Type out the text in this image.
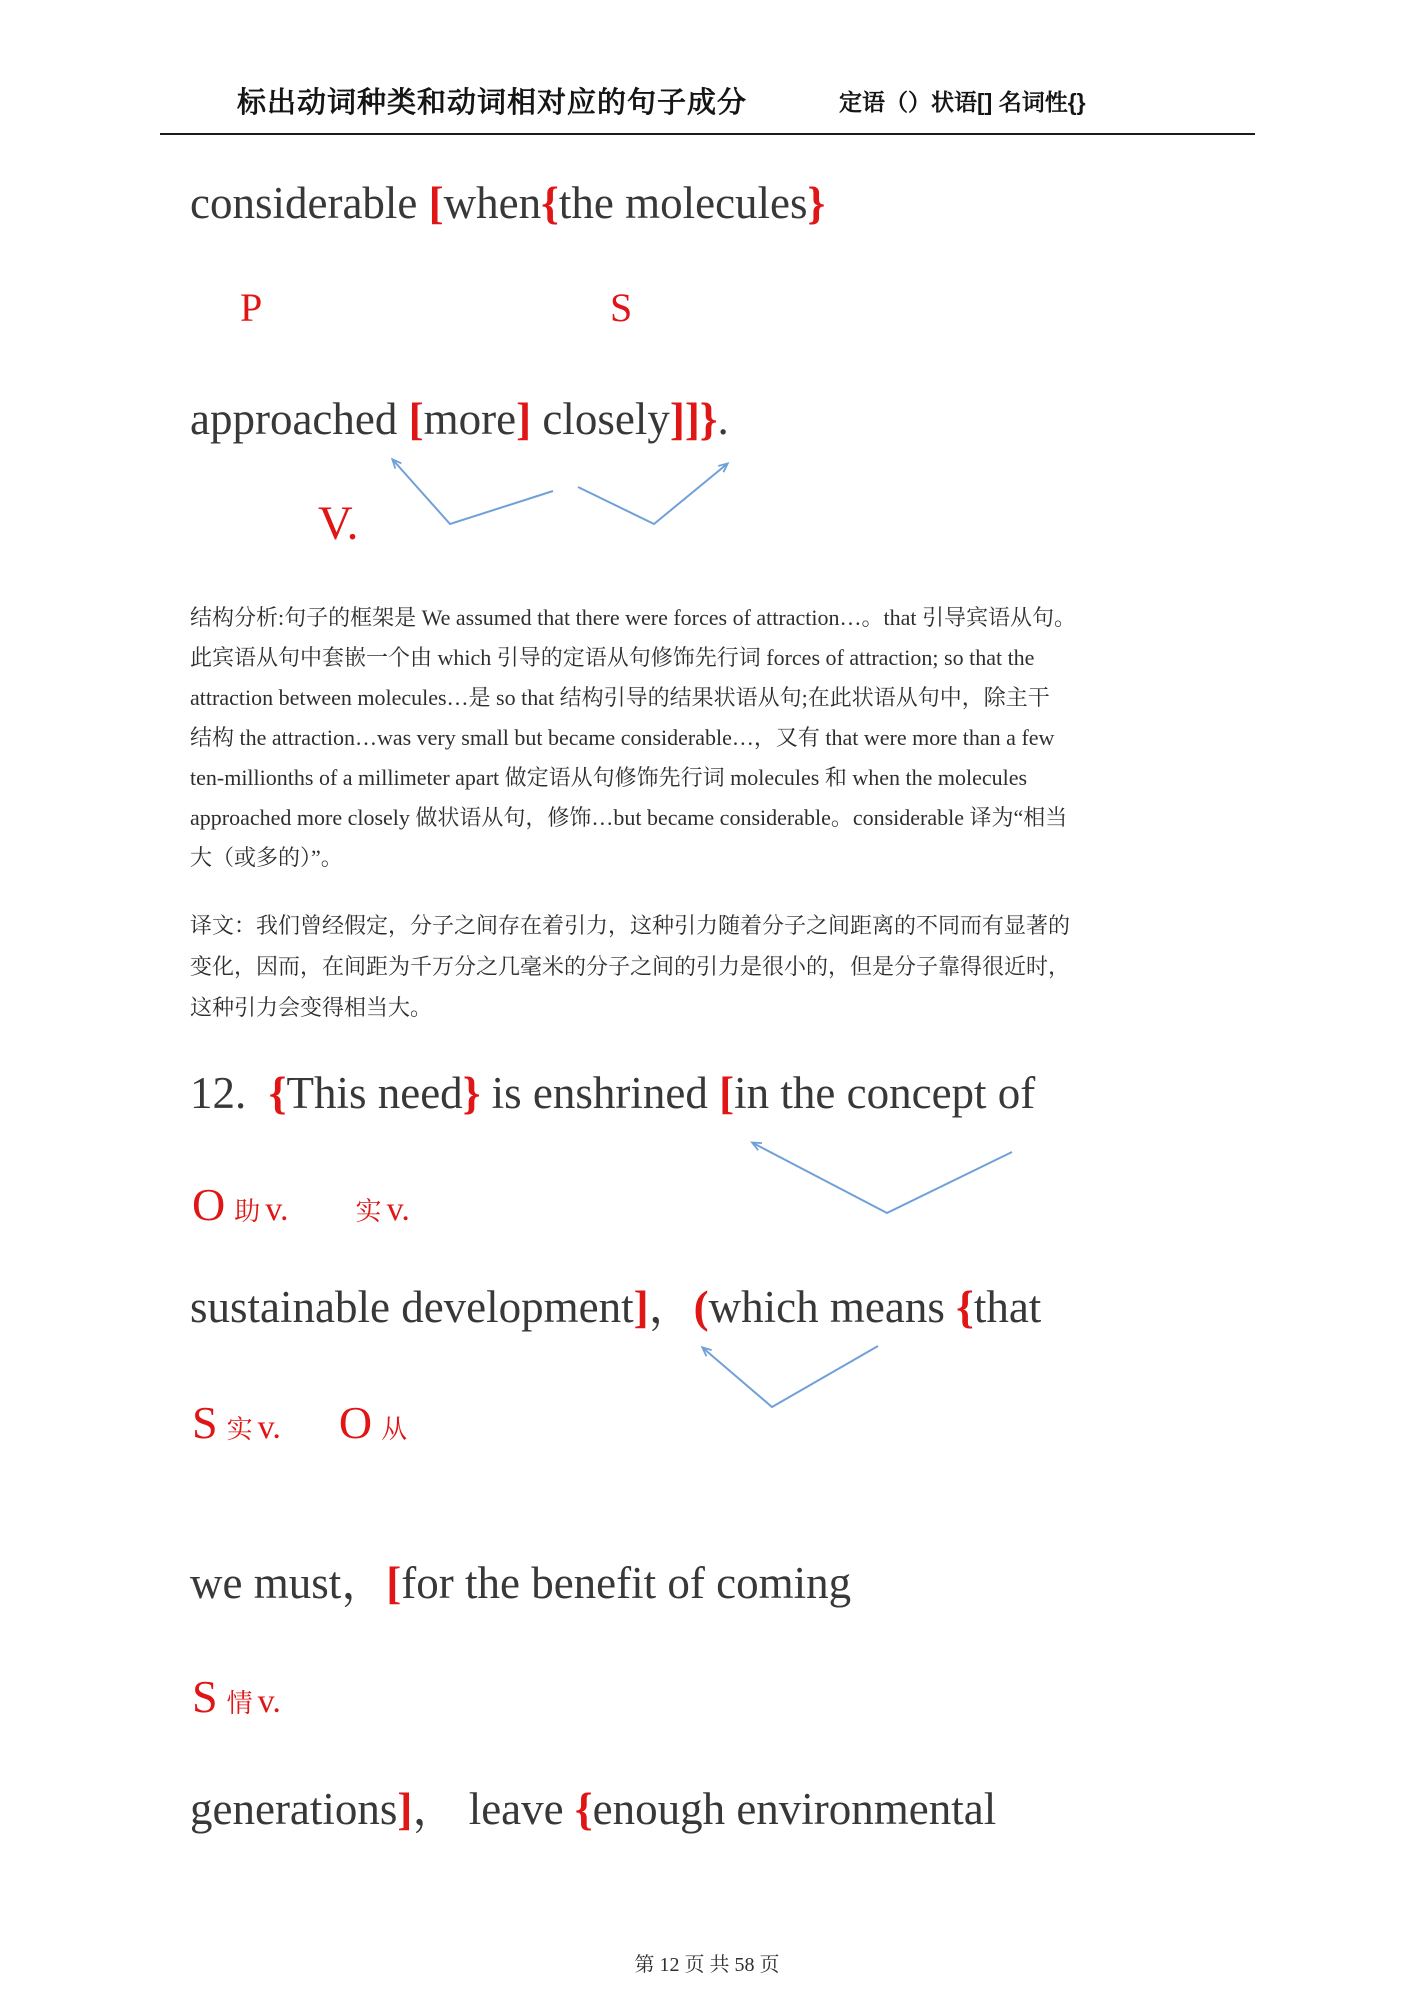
标出动词种类和动词相对应的句子成分	定语（）状语[] 名词性{}
considerable [when{the molecules}
P	S
approached [more] closely]]}.
V.
结构分析:句子的框架是 We assumed that there were forces of attraction…。that 引导宾语从句。
此宾语从句中套嵌一个由 which 引导的定语从句修饰先行词 forces of attraction; so that the
attraction between molecules…是 so that 结构引导的结果状语从句;在此状语从句中，除主干
结构 the attraction…was very small but became considerable…，又有 that were more than a few
ten-millionths of a millimeter apart 做定语从句修饰先行词 molecules 和 when the molecules
approached more closely 做状语从句，修饰…but became considerable。considerable 译为“相当
大（或多的）”。
译文：我们曾经假定，分子之间存在着引力，这种引力随着分子之间距离的不同而有显著的
变化，因而，在间距为千万分之几毫米的分子之间的引力是很小的，但是分子靠得很近时，
这种引力会变得相当大。
12.  {This need} is enshrined [in the concept of
O助 v.	实 v.
sustainable development]，(which means {that
S实 v. O 从
we must，[for the benefit of coming
S情 v.
generations]， leave {enough environmental
第 12 页 共 58 页
